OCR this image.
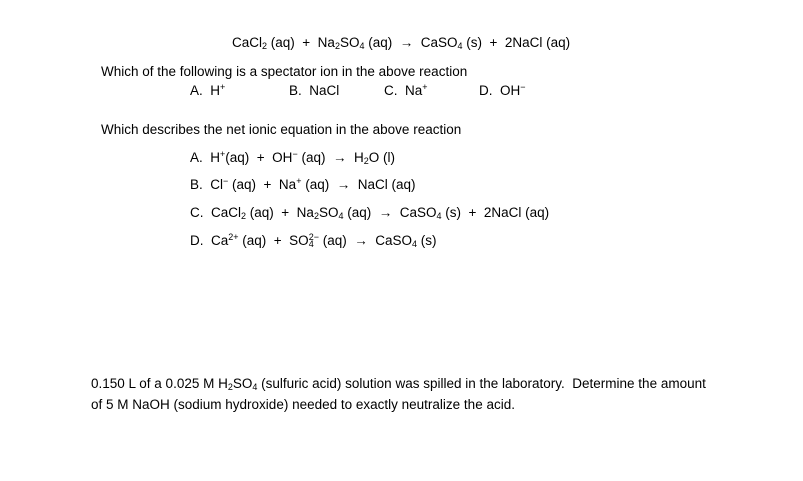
CaCl$_2$ $(aq) + Na_2SO_4$ (aq)  →  CaSO$_4$ (s)  +  2NaCl (aq)
Which of the following is a spectator ion in the above reaction
A.  H+	B.  NaCl	C.  Na+	D.  OH−
Which describes the net ionic equation in the above reaction
A.  H+(aq)  +  OH− $(aq) \to H_2O$ (l)
B.  Cl− (aq)  +  Na+ (aq)  →  NaCl (aq)
C.  CaCl$_2$ $(aq) + Na_2SO_4$ (aq)  →  CaSO$_4$ (s)  +  2NaCl (aq)
D.  $Ca^{2+}$ $(aq) + SO_4^{2-}$ (aq)  →  CaSO$_4$ (s)
0.150 L of a 0.025 M $H_2SO_4$ (sulfuric acid) solution was spilled in the laboratory.  Determine the amount
of 5 M NaOH (sodium hydroxide) needed to exactly neutralize the acid.
